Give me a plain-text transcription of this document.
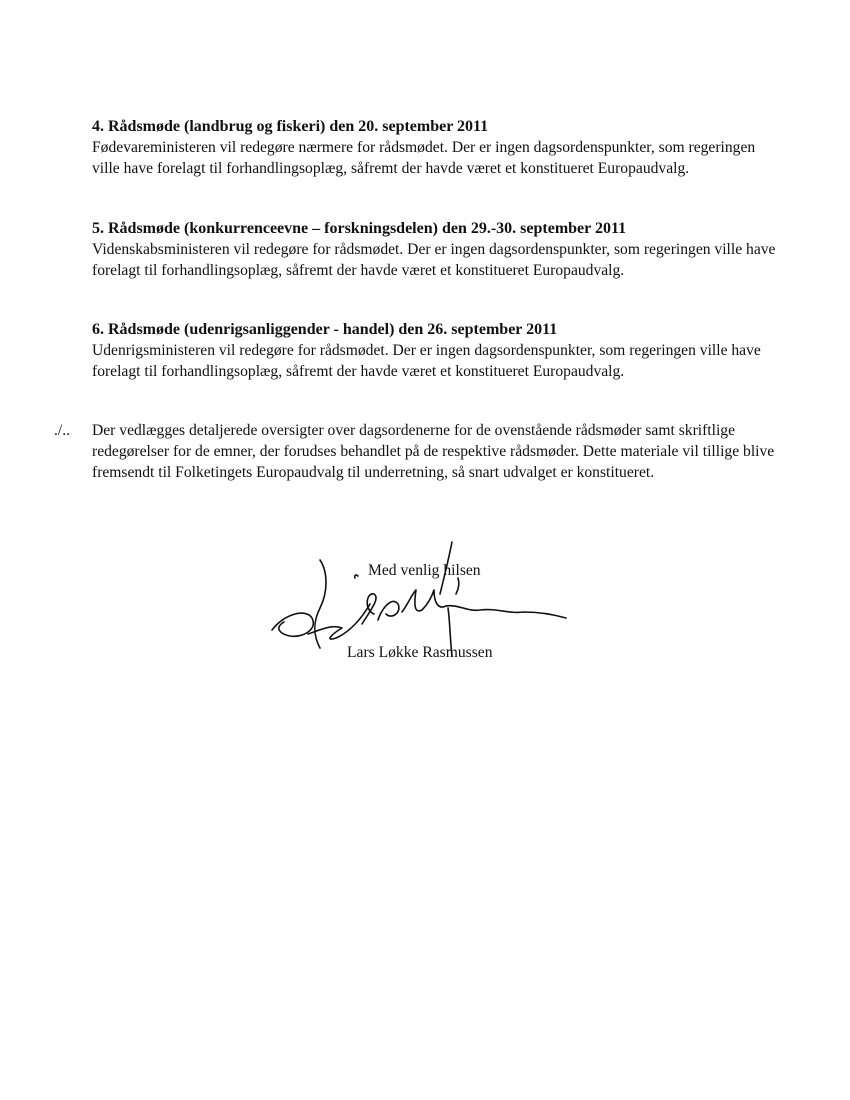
4. Rådsmøde (landbrug og fiskeri) den 20. september 2011

Fødevareministeren vil redegøre nærmere for rådsmødet. Der er ingen dagsordenspunkter, som regeringen ville have forelagt til forhandlingsoplæg, såfremt der havde været et konstitueret Europaudvalg.

5. Rådsmøde (konkurrenceevne – forskningsdelen) den 29.-30. september 2011

Videnskabsministeren vil redegøre for rådsmødet. Der er ingen dagsordenspunkter, som regeringen ville have forelagt til forhandlingsoplæg, såfremt der havde været et konstitueret Europaudvalg.

6. Rådsmøde (udenrigsanliggender - handel) den 26. september 2011

Udenrigsministeren vil redegøre for rådsmødet. Der er ingen dagsordenspunkter, som regeringen ville have forelagt til forhandlingsoplæg, såfremt der havde været et konstitueret Europaudvalg.

./.. Der vedlægges detaljerede oversigter over dagsordenerne for de ovenstående rådsmøder samt skriftlige redegørelser for de emner, der forudses behandlet på de respektive rådsmøder. Dette materiale vil tillige blive fremsendt til Folketingets Europaudvalg til underretning, så snart udvalget er konstitueret.

Med venlig hilsen
Lars Løkke Rasmussen
